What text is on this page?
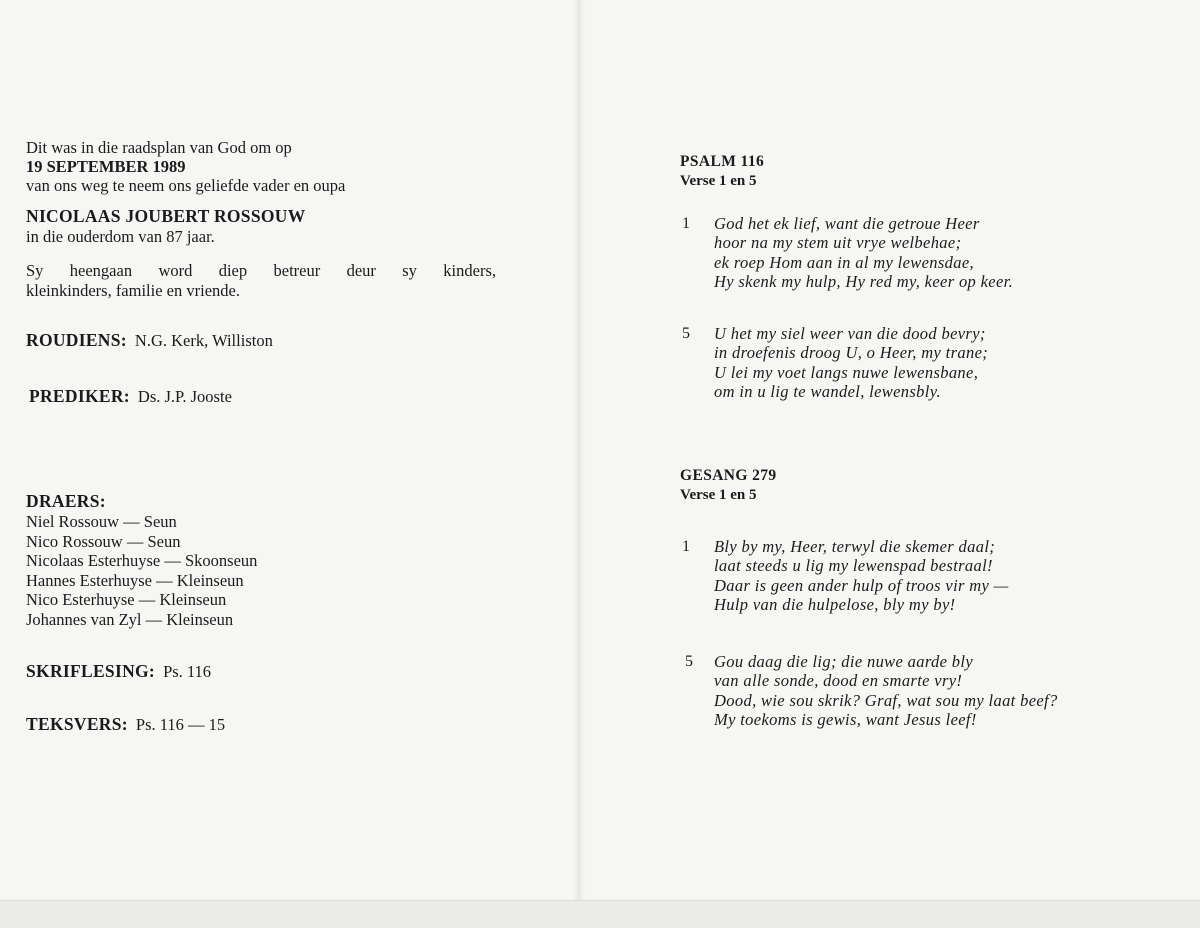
Dit was in die raadsplan van God om op
19 SEPTEMBER 1989
van ons weg te neem ons geliefde vader en oupa
NICOLAAS JOUBERT ROSSOUW
in die ouderdom van 87 jaar.
Sy heengaan word diep betreur deur sy kinders,
kleinkinders, familie en vriende.
ROUDIENS: N.G. Kerk, Williston
PREDIKER: Ds. J.P. Jooste
DRAERS:
Niel Rossouw — Seun
Nico Rossouw — Seun
Nicolaas Esterhuyse — Skoonseun
Hannes Esterhuyse — Kleinseun
Nico Esterhuyse — Kleinseun
Johannes van Zyl — Kleinseun
SKRIFLESING: Ps. 116
TEKSVERS: Ps. 116 — 15
PSALM 116
Verse 1 en 5
1 God het ek lief, want die getroue Heer
hoor na my stem uit vrye welbehae;
ek roep Hom aan in al my lewensdae,
Hy skenk my hulp, Hy red my, keer op keer.
5 U het my siel weer van die dood bevry;
in droefenis droog U, o Heer, my trane;
U lei my voet langs nuwe lewensbane,
om in u lig te wandel, lewensbly.
GESANG 279
Verse 1 en 5
1 Bly by my, Heer, terwyl die skemer daal;
laat steeds u lig my lewenspad bestraal!
Daar is geen ander hulp of troos vir my —
Hulp van die hulpelose, bly my by!
5 Gou daag die lig; die nuwe aarde bly
van alle sonde, dood en smarte vry!
Dood, wie sou skrik? Graf, wat sou my laat beef?
My toekoms is gewis, want Jesus leef!
